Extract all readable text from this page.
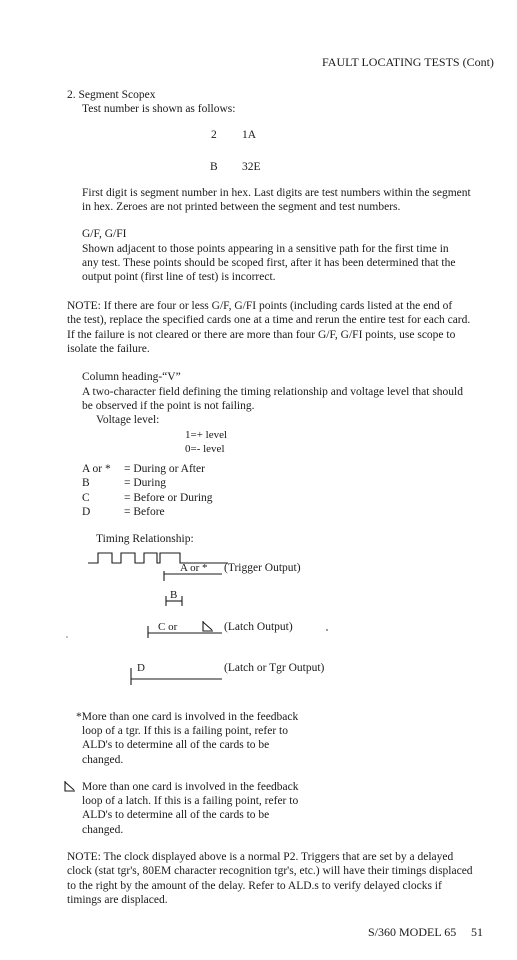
FAULT LOCATING TESTS (Cont)
2. Segment Scopex
Test number is shown as follows:
2 1A
B 32E
First digit is segment number in hex. Last digits are test numbers within the segment
in hex. Zeroes are not printed between the segment and test numbers.
G/F, G/FI
Shown adjacent to those points appearing in a sensitive path for the first time in
any test. These points should be scoped first, after it has been determined that the
output point (first line of test) is incorrect.
NOTE: If there are four or less G/F, G/FI points (including cards listed at the end of
the test), replace the specified cards one at a time and rerun the entire test for each card.
If the failure is not cleared or there are more than four G/F, G/FI points, use scope to
isolate the failure.
Column heading-“V”
A two-character field defining the timing relationship and voltage level that should
be observed if the point is not failing.
Voltage level:
1=+ level
0=- level
A or * = During or After
B	= During
C	= Before or During
D	= Before
Timing Relationship:
A or * (Trigger Output)
B
C or	(Latch Output)
D	(Latch or Tgr Output)
*More than one card is involved in the feedback
loop of a tgr. If this is a failing point, refer to
ALD's to determine all of the cards to be
changed.
More than one card is involved in the feedback
loop of a latch. If this is a failing point, refer to
ALD's to determine all of the cards to be
changed.
NOTE: The clock displayed above is a normal P2. Triggers that are set by a delayed
clock (stat tgr's, 80EM character recognition tgr's, etc.) will have their timings displaced
to the right by the amount of the delay. Refer to ALD.s to verify delayed clocks if
timings are displaced.
S/360 MODEL 65 51
